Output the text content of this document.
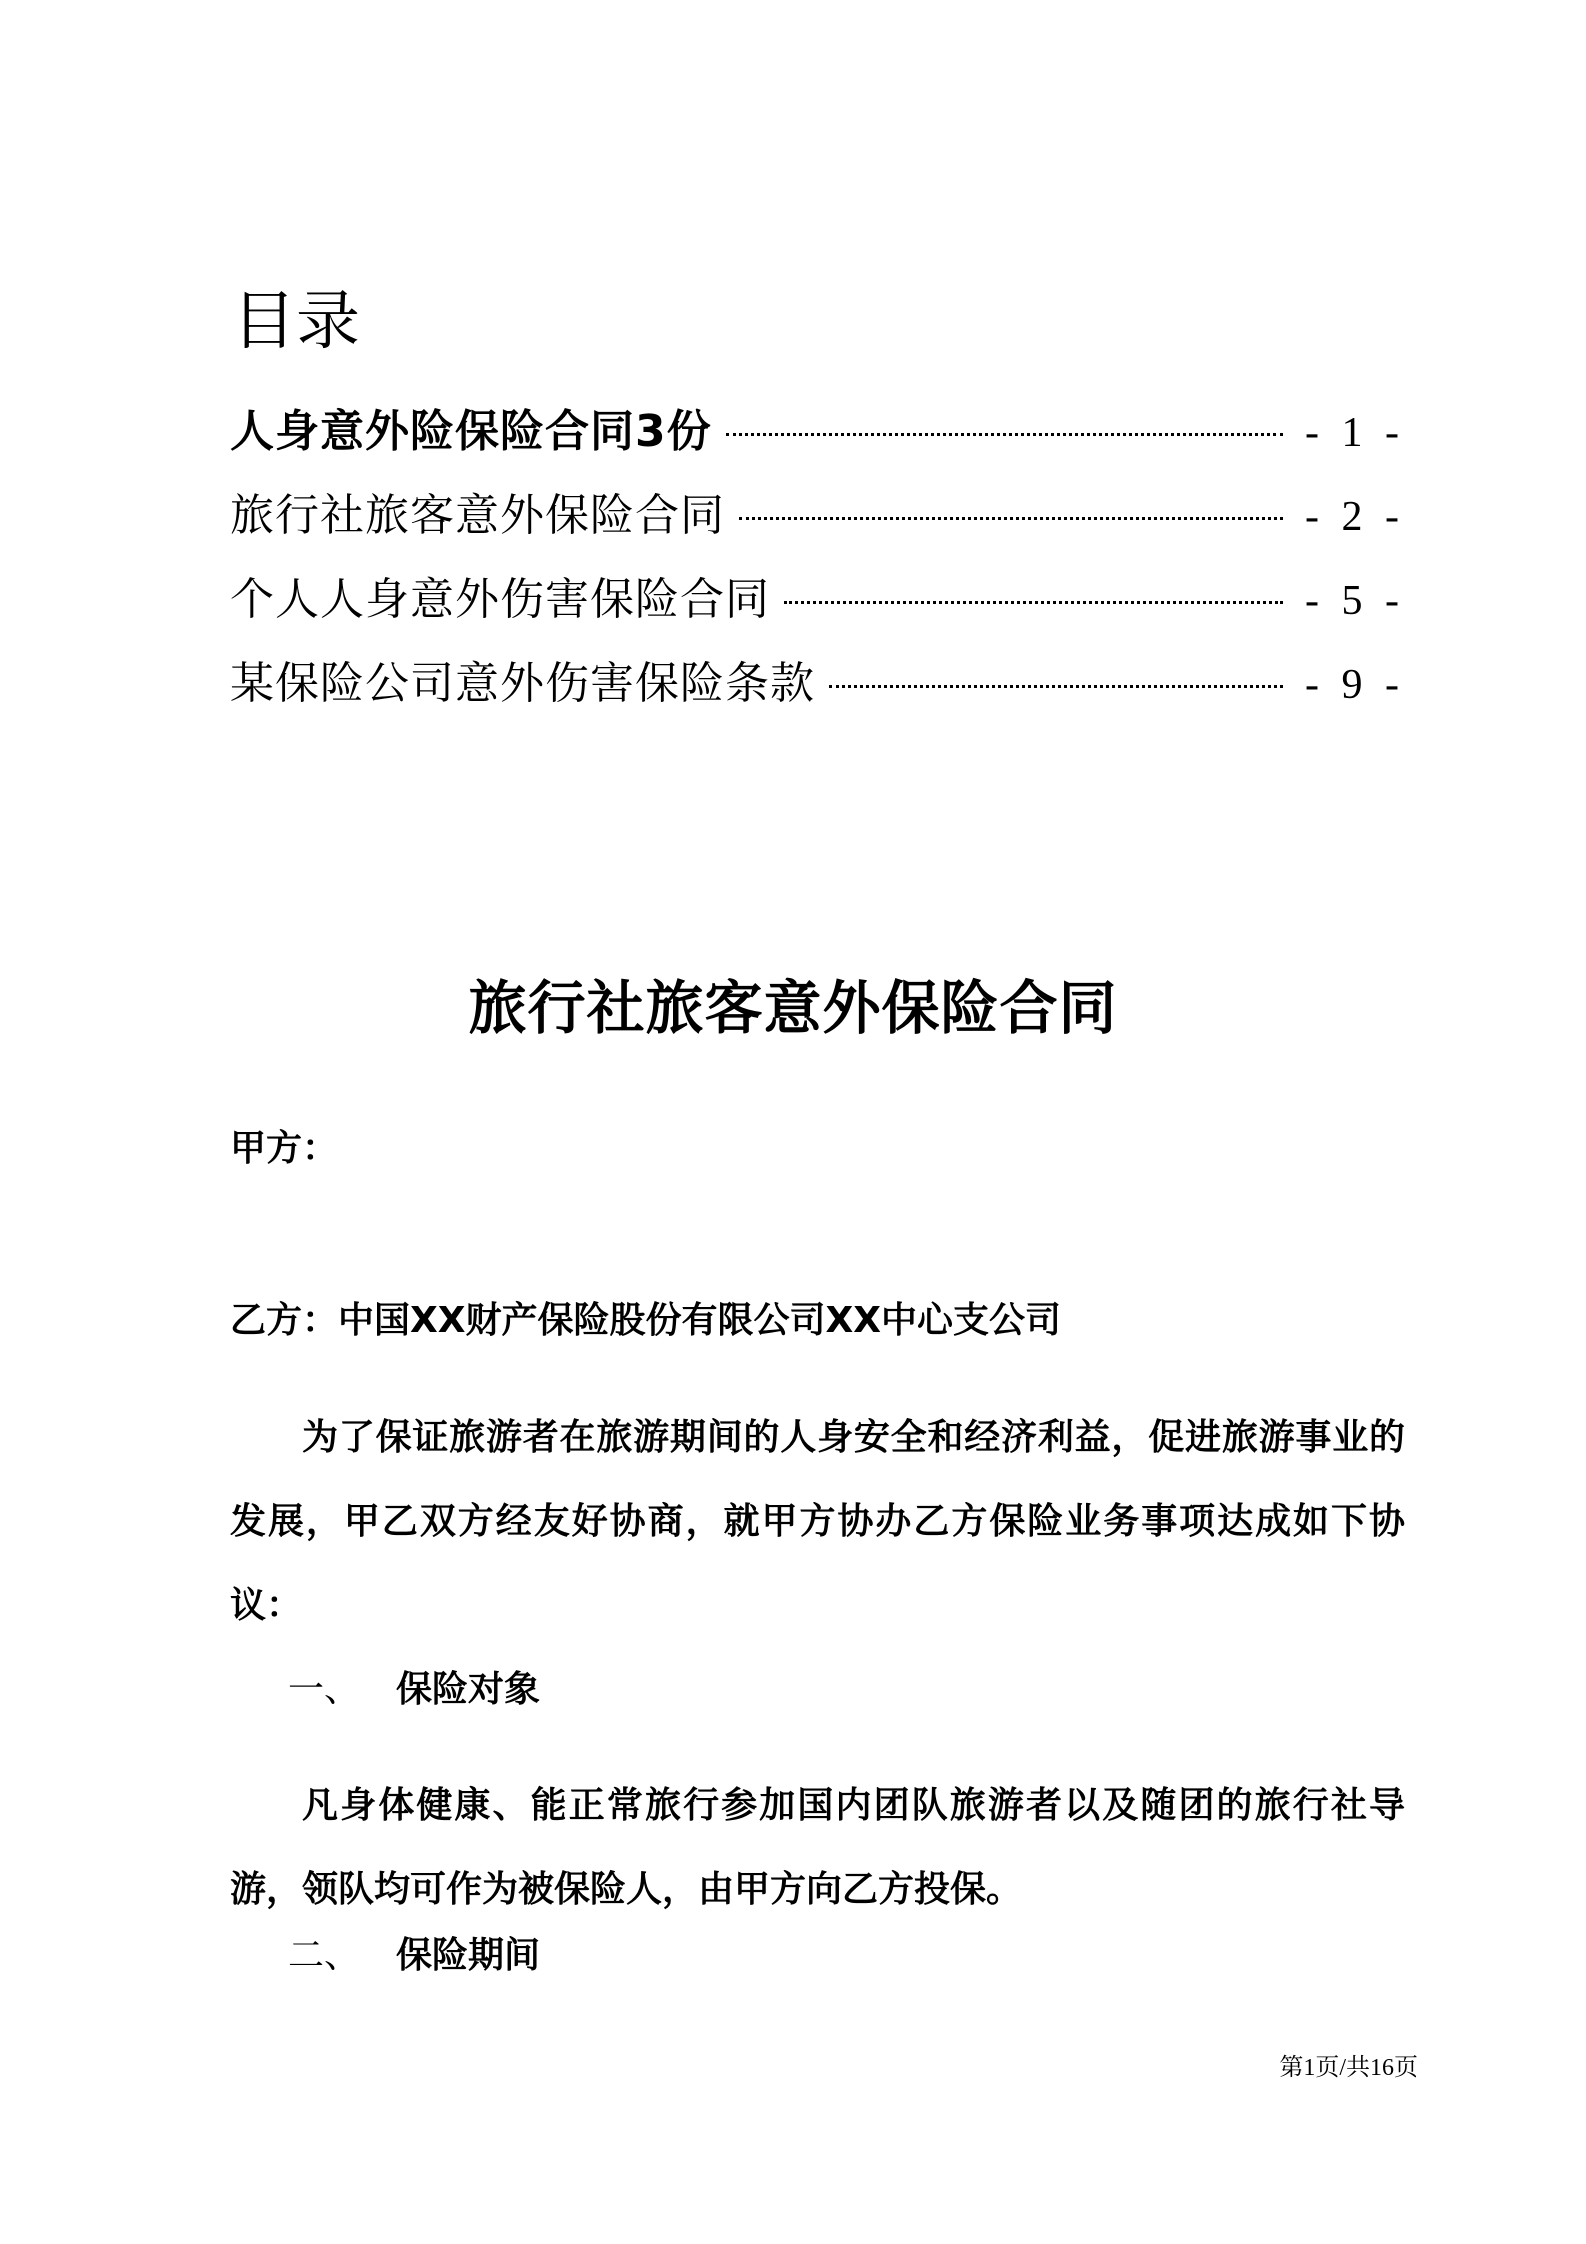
目录
人身意外险保险合同3份	- 1 -
旅行社旅客意外保险合同	- 2 -
个人人身意外伤害保险合同	- 5 -
某保险公司意外伤害保险条款	- 9 -
旅行社旅客意外保险合同
甲方：
乙方：中国XX财产保险股份有限公司XX中心支公司

为了保证旅游者在旅游期间的人身安全和经济利益，促进旅游事业的发展，甲乙双方经友好协商，就甲方协办乙方保险业务事项达成如下协议：

一、 保险对象

凡身体健康、能正常旅行参加国内团队旅游者以及随团的旅行社导游，领队均可作为被保险人，由甲方向乙方投保。

二、 保险期间
第1页/共16页
